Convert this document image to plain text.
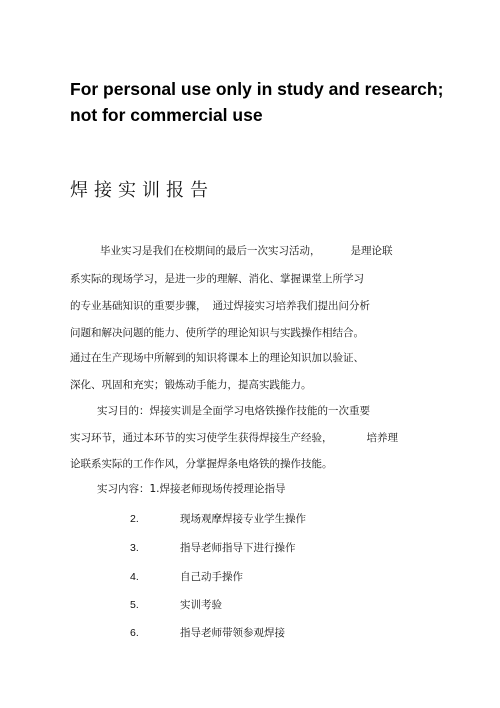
For personal use only in study and research;
not for commercial use
焊接实训报告
毕业实习是我们在校期间的最后一次实习活动，	是理论联
系实际的现场学习，是进一步的理解、消化、掌握课堂上所学习
的专业基础知识的重要步骤， 通过焊接实习培养我们提出问分析
问题和解决问题的能力、使所学的理论知识与实践操作相结合。
通过在生产现场中所解到的知识将课本上的理论知识加以验证、
深化、巩固和充实；锻炼动手能力，提高实践能力。
实习目的：焊接实训是全面学习电烙铁操作技能的一次重要
实习环节，通过本环节的实习使学生获得焊接生产经验，	培养理
论联系实际的工作作风，分掌握焊条电烙铁的操作技能。
实习内容：1.焊接老师现场传授理论指导
2.	现场观摩焊接专业学生操作
3.	指导老师指导下进行操作
4.	自己动手操作
5.	实训考验
6.	指导老师带领参观焊接
